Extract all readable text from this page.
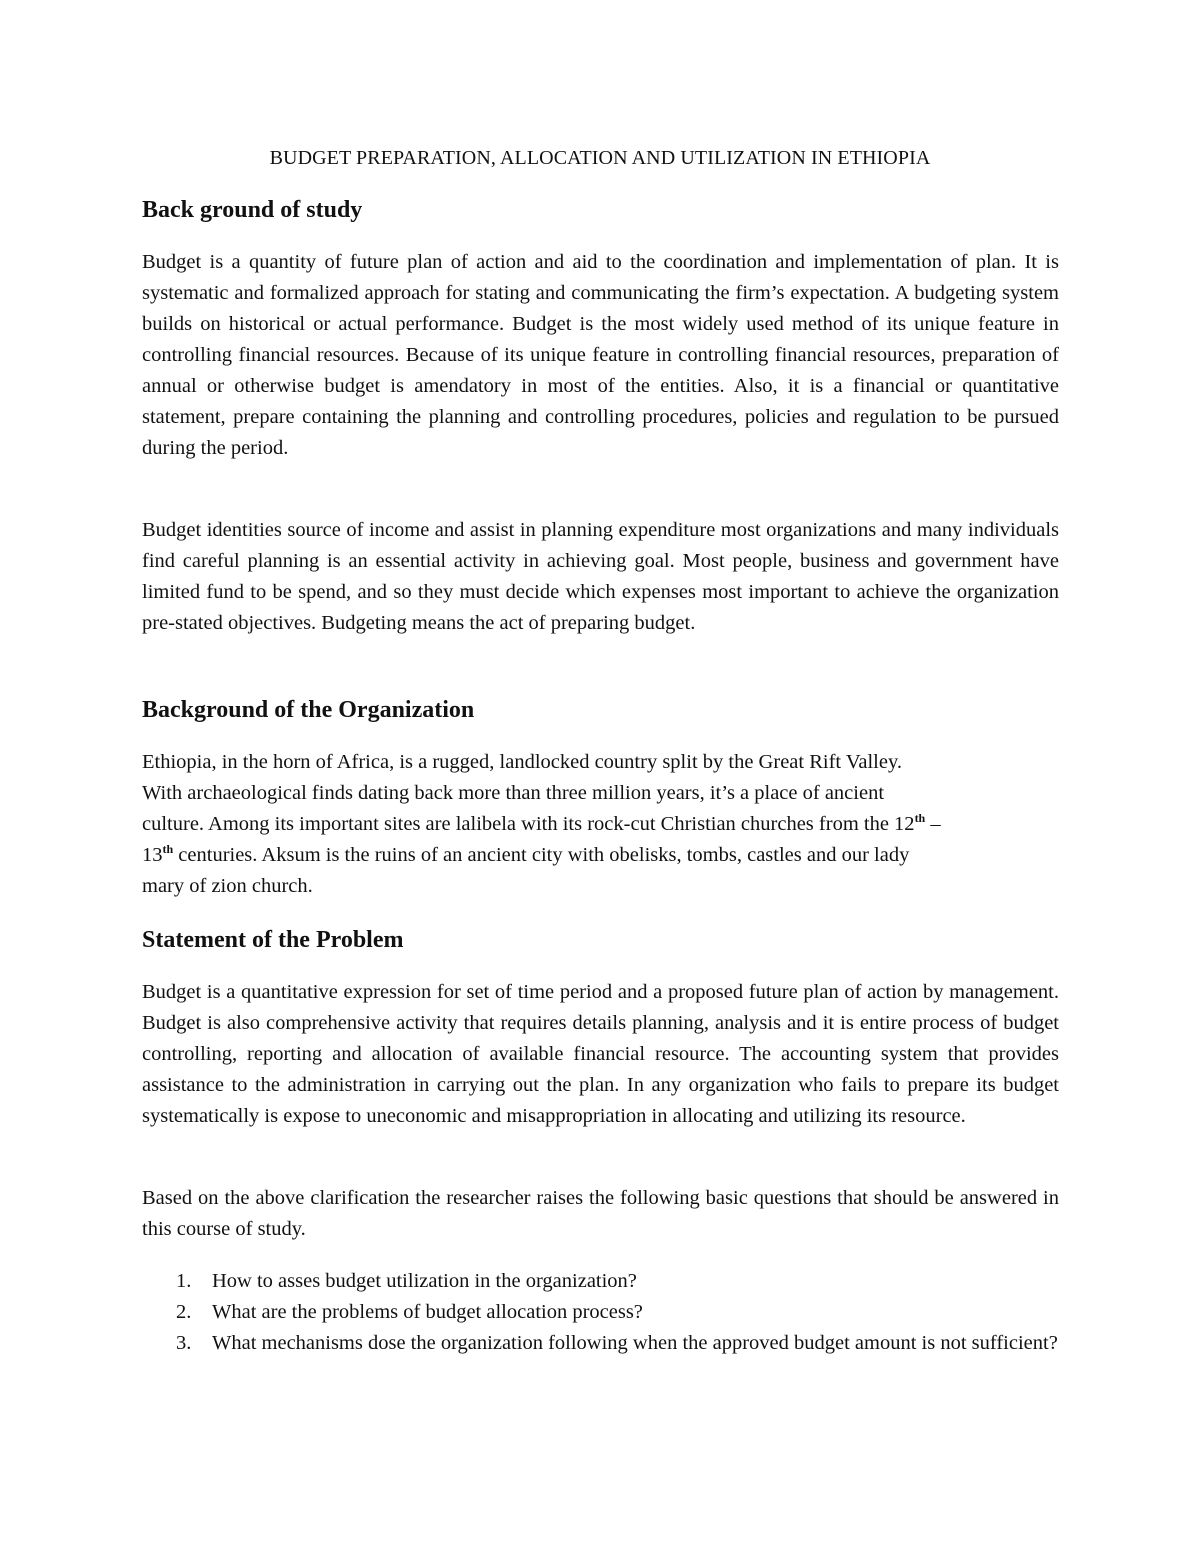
BUDGET PREPARATION, ALLOCATION AND UTILIZATION IN ETHIOPIA
Back ground of study

Budget is a quantity of future plan of action and aid to the coordination and implementation of plan. It is systematic and formalized approach for stating and communicating the firm’s expectation. A budgeting system builds on historical or actual performance. Budget is the most widely used method of its unique feature in controlling financial resources. Because of its unique feature in controlling financial resources, preparation of annual or otherwise budget is amendatory in most of the entities. Also, it is a financial or quantitative statement, prepare containing the planning and controlling procedures, policies and regulation to be pursued during the period.

Budget identities source of income and assist in planning expenditure most organizations and many individuals find careful planning is an essential activity in achieving goal. Most people, business and government have limited fund to be spend, and so they must decide which expenses most important to achieve the organization pre-stated objectives. Budgeting means the act of preparing budget.

Background of the Organization
Ethiopia, in the horn of Africa, is a rugged, landlocked country split by the Great Rift Valley.
With archaeological finds dating back more than three million years, it’s a place of ancient
culture. Among its important sites are lalibela with its rock-cut Christian churches from the 12th –
13th centuries. Aksum is the ruins of an ancient city with obelisks, tombs, castles and our lady
mary of zion church.
Statement of the Problem

Budget is a quantitative expression for set of time period and a proposed future plan of action by management. Budget is also comprehensive activity that requires details planning, analysis and it is entire process of budget controlling, reporting and allocation of available financial resource. The accounting system that provides assistance to the administration in carrying out the plan. In any organization who fails to prepare its budget systematically is expose to uneconomic and misappropriation in allocating and utilizing its resource.

Based on the above clarification the researcher raises the following basic questions that should be answered in this course of study.

1. How to asses budget utilization in the organization?
2. What are the problems of budget allocation process?
3. What mechanisms dose the organization following when the approved budget amount is not sufficient?
